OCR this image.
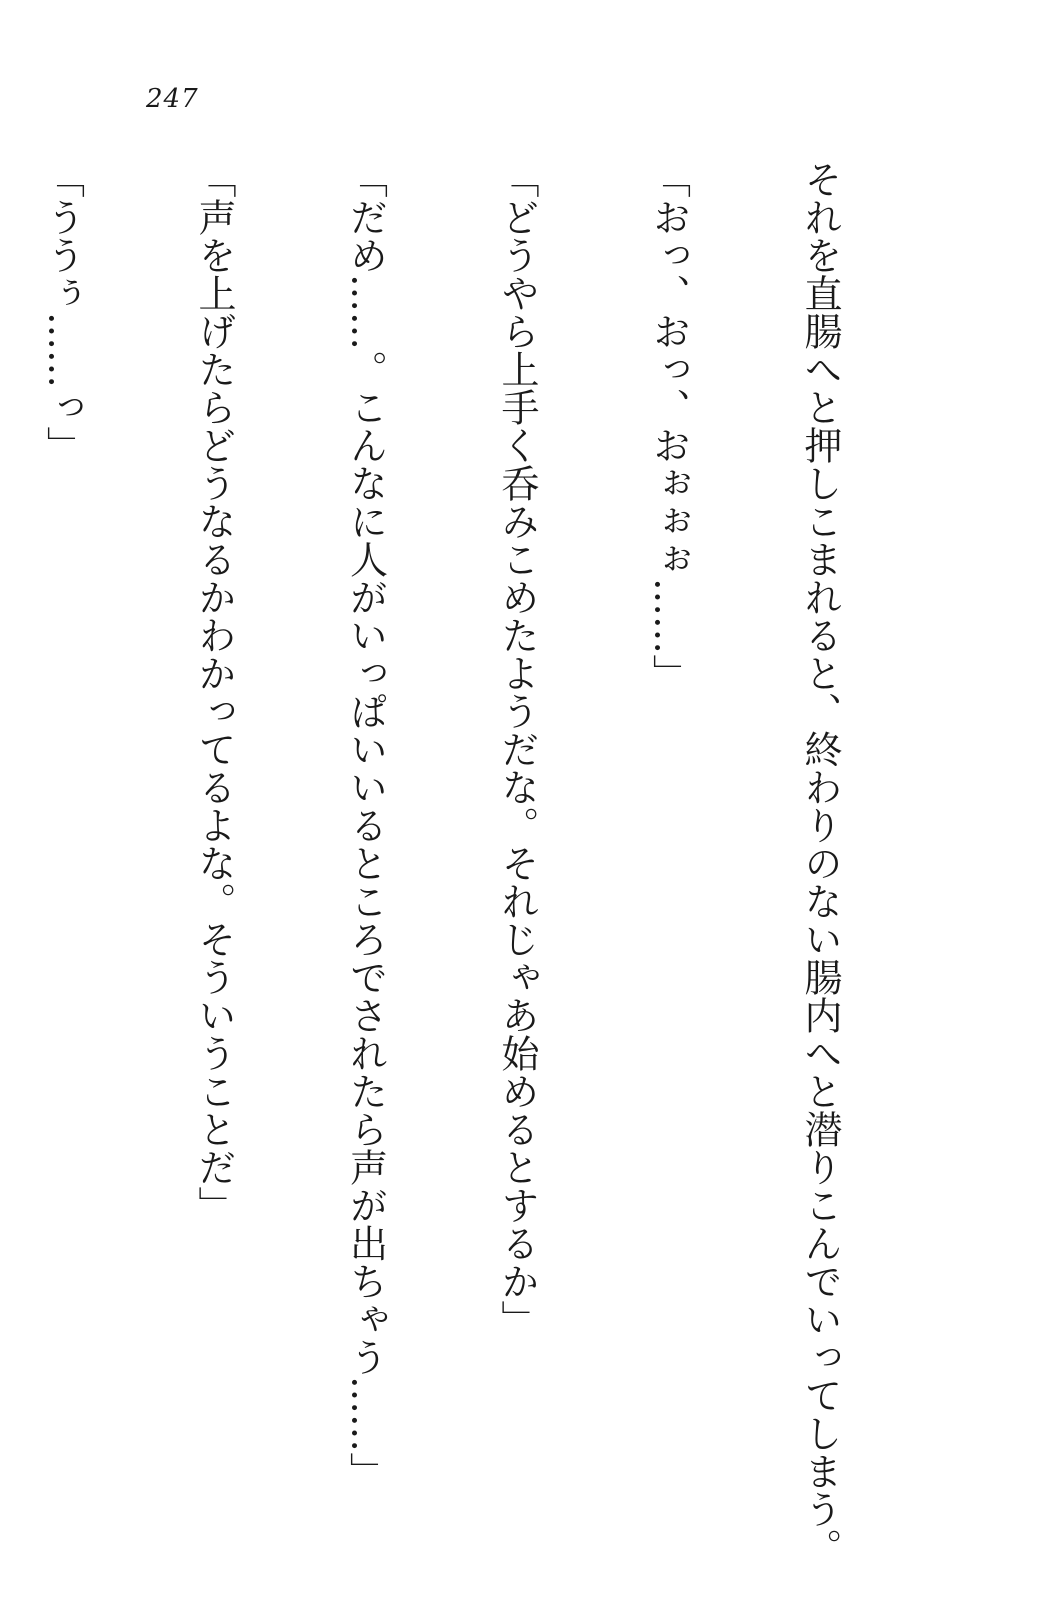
247

それを直腸へと押しこまれると、終わりのない腸内へと潜りこんでいってしまう。

「おっ、おっ、おぉぉぉ……」

「どうやら上手く呑みこめたようだな。それじゃあ始めるとするか」

「だめ……。こんなに人がいっぱいいるところでされたら声が出ちゃう……」

「声を上げたらどうなるかわかってるよな。そういうことだ」

「ううぅ……っ」
